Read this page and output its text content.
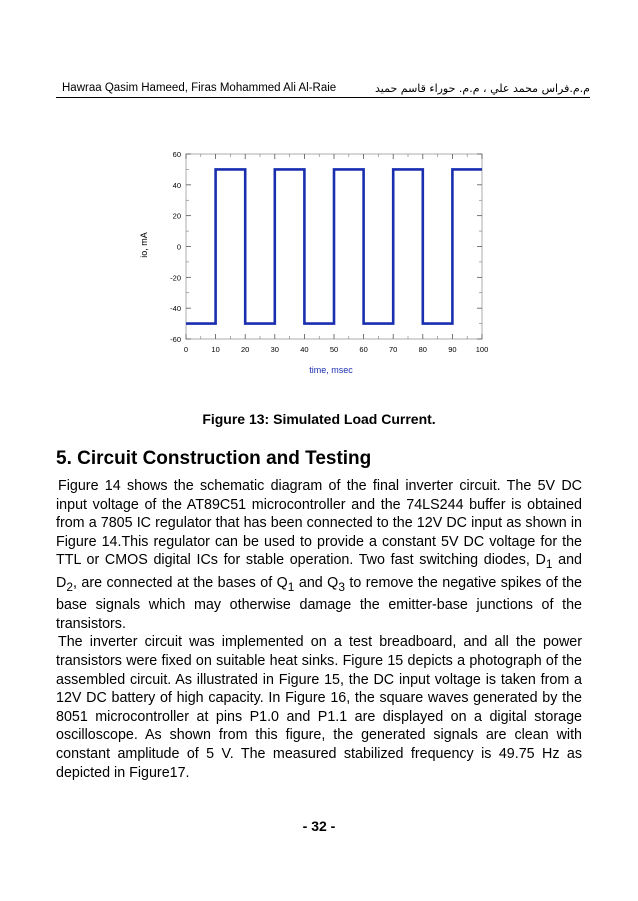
Hawraa Qasim Hameed, Firas Mohammed Ali Al-Raie	م.م.فراس محمد علي ، م.م. حوراء قاسم حميد
0	10	20	30	40	50	60	70	80	90	100
-60
-40
-20
0
20
40
60
time, msec
io, mA
Figure 13: Simulated Load Current.
5. Circuit Construction and Testing

Figure 14 shows the schematic diagram of the final inverter circuit. The 5V DC input voltage of the AT89C51 microcontroller and the 74LS244 buffer is obtained from a 7805 IC regulator that has been connected to the 12V DC input as shown in Figure 14.This regulator can be used to provide a constant 5V DC voltage for the TTL or CMOS digital ICs for stable operation. Two fast switching diodes, $D_1$ and $D_2$, are connected at the bases of $Q_1$ and $Q_3$ to remove the negative spikes of the base signals which may otherwise damage the emitter-base junctions of the transistors.

The inverter circuit was implemented on a test breadboard, and all the power transistors were fixed on suitable heat sinks. Figure 15 depicts a photograph of the assembled circuit. As illustrated in Figure 15, the DC input voltage is taken from a 12V DC battery of high capacity. In Figure 16, the square waves generated by the 8051 microcontroller at pins P1.0 and P1.1 are displayed on a digital storage oscilloscope. As shown from this figure, the generated signals are clean with constant amplitude of 5 V. The measured stabilized frequency is 49.75 Hz as depicted in Figure17.

- 32 -
